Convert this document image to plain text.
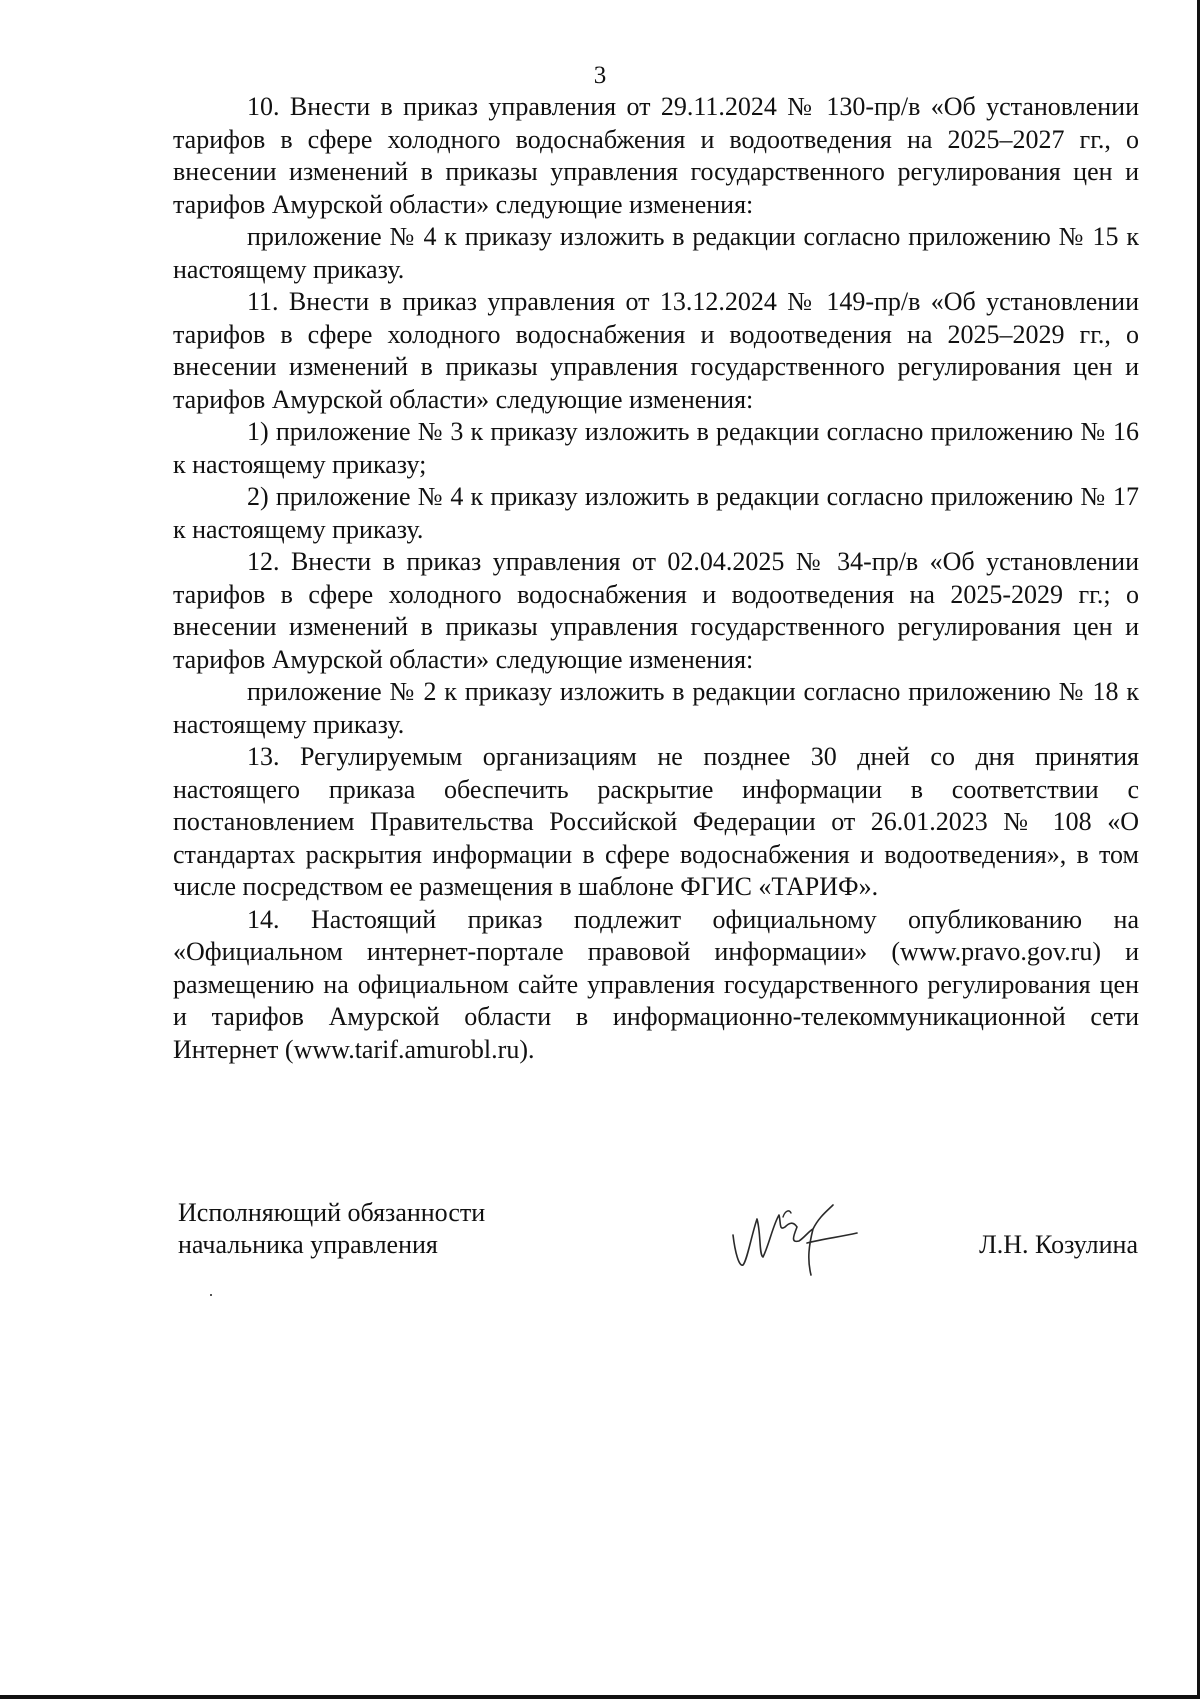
3

10. Внести в приказ управления от 29.11.2024 № 130-пр/в «Об установлении тарифов в сфере холодного водоснабжения и водоотведения на 2025–2027 гг., о внесении изменений в приказы управления государственного регулирования цен и тарифов Амурской области» следующие изменения:

приложение № 4 к приказу изложить в редакции согласно приложению № 15 к настоящему приказу.

11. Внести в приказ управления от 13.12.2024 № 149-пр/в «Об установлении тарифов в сфере холодного водоснабжения и водоотведения на 2025–2029 гг., о внесении изменений в приказы управления государственного регулирования цен и тарифов Амурской области» следующие изменения:

1) приложение № 3 к приказу изложить в редакции согласно приложению № 16 к настоящему приказу;

2) приложение № 4 к приказу изложить в редакции согласно приложению № 17 к настоящему приказу.

12. Внести в приказ управления от 02.04.2025 № 34-пр/в «Об установлении тарифов в сфере холодного водоснабжения и водоотведения на 2025-2029 гг.; о внесении изменений в приказы управления государственного регулирования цен и тарифов Амурской области» следующие изменения:

приложение № 2 к приказу изложить в редакции согласно приложению № 18 к настоящему приказу.

13. Регулируемым организациям не позднее 30 дней со дня принятия настоящего приказа обеспечить раскрытие информации в соответствии с постановлением Правительства Российской Федерации от 26.01.2023 № 108 «О стандартах раскрытия информации в сфере водоснабжения и водоотведения», в том числе посредством ее размещения в шаблоне ФГИС «ТАРИФ».

14. Настоящий приказ подлежит официальному опубликованию на «Официальном интернет-портале правовой информации» (www.pravo.gov.ru) и размещению на официальном сайте управления государственного регулирования цен и тарифов Амурской области в информационно-телекоммуникационной сети Интернет (www.tarif.amurobl.ru).

Исполняющий обязанности
начальника управления	Л.Н. Козулина
